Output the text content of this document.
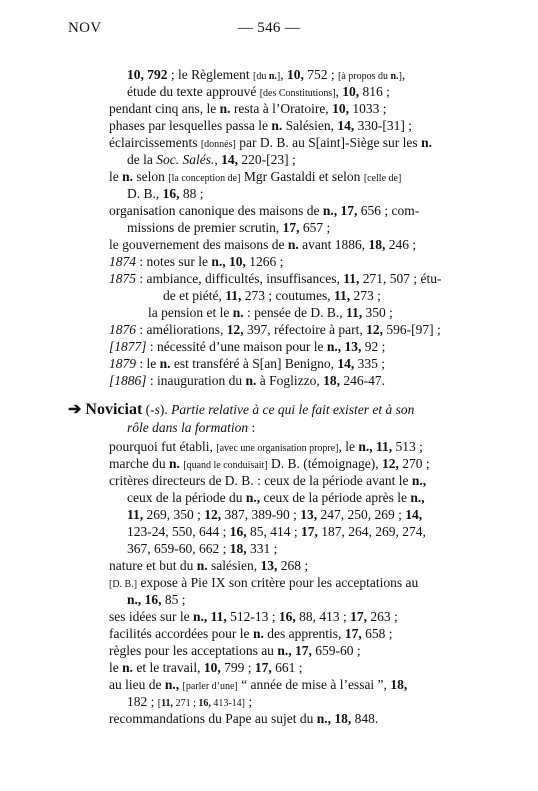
NOV	— 546 —
10, 792 ; le Règlement [du n.], 10, 752 ; [à propos du n.],
étude du texte approuvé [des Constitutions], 10, 816 ;
pendant cinq ans, le n. resta à l’Oratoire, 10, 1033 ;
phases par lesquelles passa le n. Salésien, 14, 330-[31] ;
éclaircissements [donnés] par D. B. au S[aint]-Siège sur les n.
de la Soc. Salés., 14, 220-[23] ;
le n. selon [la conception de] Mgr Gastaldi et selon [celle de]
D. B., 16, 88 ;
organisation canonique des maisons de n., 17, 656 ; com-
missions de premier scrutin, 17, 657 ;
le gouvernement des maisons de n. avant 1886, 18, 246 ;
1874 : notes sur le n., 10, 1266 ;
1875 : ambiance, difficultés, insuffisances, 11, 271, 507 ; étu-
de et piété, 11, 273 ; coutumes, 11, 273 ;
la pension et le n. : pensée de D. B., 11, 350 ;
1876 : améliorations, 12, 397, réfectoire à part, 12, 596-[97] ;
[1877] : nécessité d’une maison pour le n., 13, 92 ;
1879 : le n. est transféré à S[an] Benigno, 14, 335 ;
[1886] : inauguration du n. à Foglizzo, 18, 246-47.
➔ Noviciat (-s). Partie relative à ce qui le fait exister et à son
rôle dans la formation :
pourquoi fut établi, [avec une organisation propre], le n., 11, 513 ;
marche du n. [quand le conduisait] D. B. (témoignage), 12, 270 ;
critères directeurs de D. B. : ceux de la période avant le n.,
ceux de la période du n., ceux de la période après le n.,
11, 269, 350 ; 12, 387, 389-90 ; 13, 247, 250, 269 ; 14,
123-24, 550, 644 ; 16, 85, 414 ; 17, 187, 264, 269, 274,
367, 659-60, 662 ; 18, 331 ;
nature et but du n. salésien, 13, 268 ;
[D. B.] expose à Pie IX son critère pour les acceptations au
n., 16, 85 ;
ses idées sur le n., 11, 512-13 ; 16, 88, 413 ; 17, 263 ;
facilités accordées pour le n. des apprentis, 17, 658 ;
règles pour les acceptations au n., 17, 659-60 ;
le n. et le travail, 10, 799 ; 17, 661 ;
au lieu de n., [parler d’une] “ année de mise à l’essai ”, 18,
182 ; [11, 271 ; 16, 413-14] ;
recommandations du Pape au sujet du n., 18, 848.
